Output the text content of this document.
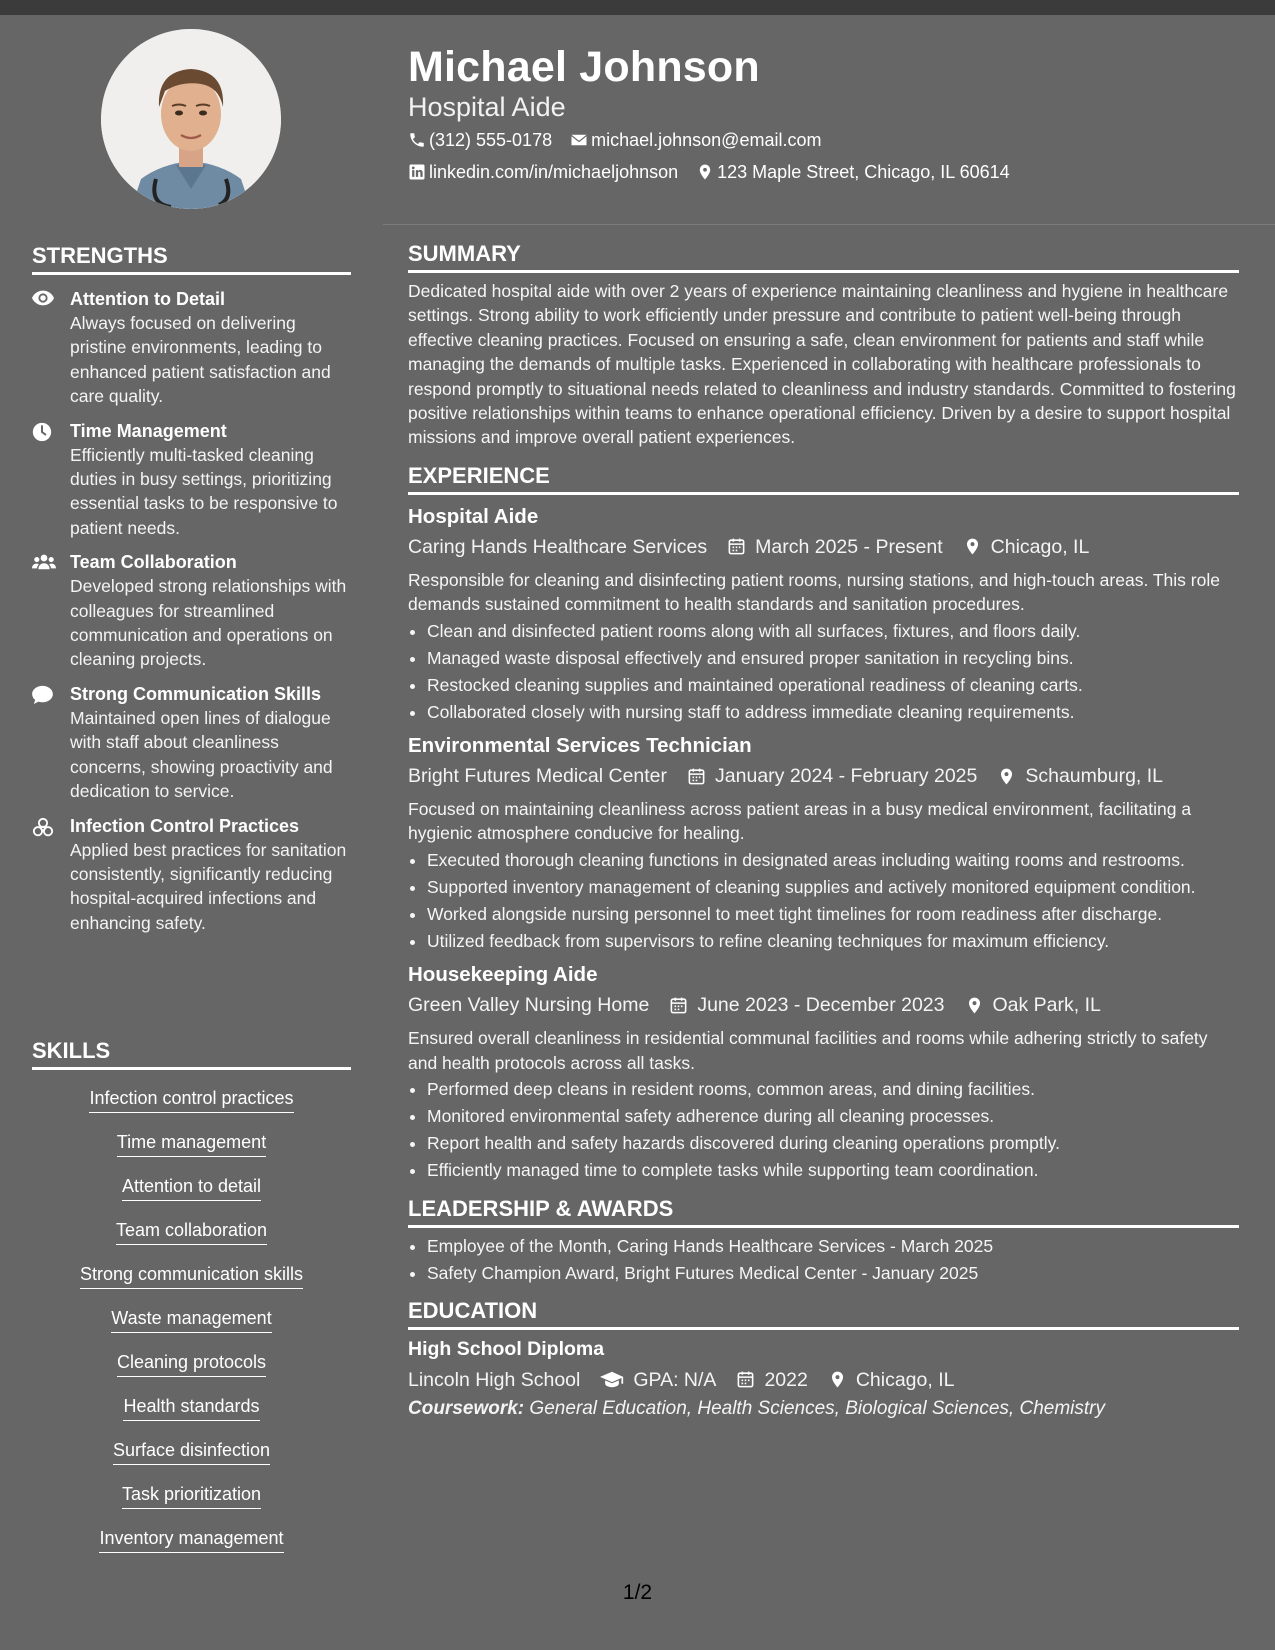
Michael Johnson
Hospital Aide
(312) 555-0178 michael.johnson@email.com
linkedin.com/in/michaeljohnson 123 Maple Street, Chicago, IL 60614
STRENGTHS
Attention to Detail
Always focused on delivering pristine environments, leading to enhanced patient satisfaction and care quality.
Time Management
Efficiently multi-tasked cleaning duties in busy settings, prioritizing essential tasks to be responsive to patient needs.
Team Collaboration
Developed strong relationships with colleagues for streamlined communication and operations on cleaning projects.
Strong Communication Skills
Maintained open lines of dialogue with staff about cleanliness concerns, showing proactivity and dedication to service.
Infection Control Practices
Applied best practices for sanitation consistently, significantly reducing hospital-acquired infections and enhancing safety.
SKILLS
Infection control practices
Time management
Attention to detail
Team collaboration
Strong communication skills
Waste management
Cleaning protocols
Health standards
Surface disinfection
Task prioritization
Inventory management
SUMMARY

Dedicated hospital aide with over 2 years of experience maintaining cleanliness and hygiene in healthcare settings. Strong ability to work efficiently under pressure and contribute to patient well-being through effective cleaning practices. Focused on ensuring a safe, clean environment for patients and staff while managing the demands of multiple tasks. Experienced in collaborating with healthcare professionals to respond promptly to situational needs related to cleanliness and industry standards. Committed to fostering positive relationships within teams to enhance operational efficiency. Driven by a desire to support hospital missions and improve overall patient experiences.

EXPERIENCE
Hospital Aide
Caring Hands Healthcare Services March 2025 - Present Chicago, IL

Responsible for cleaning and disinfecting patient rooms, nursing stations, and high-touch areas. This role demands sustained commitment to health standards and sanitation procedures.

• Clean and disinfected patient rooms along with all surfaces, fixtures, and floors daily.
• Managed waste disposal effectively and ensured proper sanitation in recycling bins.
• Restocked cleaning supplies and maintained operational readiness of cleaning carts.
• Collaborated closely with nursing staff to address immediate cleaning requirements.
Environmental Services Technician
Bright Futures Medical Center January 2024 - February 2025 Schaumburg, IL

Focused on maintaining cleanliness across patient areas in a busy medical environment, facilitating a hygienic atmosphere conducive for healing.

• Executed thorough cleaning functions in designated areas including waiting rooms and restrooms.
• Supported inventory management of cleaning supplies and actively monitored equipment condition.
• Worked alongside nursing personnel to meet tight timelines for room readiness after discharge.
• Utilized feedback from supervisors to refine cleaning techniques for maximum efficiency.
Housekeeping Aide
Green Valley Nursing Home June 2023 - December 2023 Oak Park, IL

Ensured overall cleanliness in residential communal facilities and rooms while adhering strictly to safety and health protocols across all tasks.

• Performed deep cleans in resident rooms, common areas, and dining facilities.
• Monitored environmental safety adherence during all cleaning processes.
• Report health and safety hazards discovered during cleaning operations promptly.
• Efficiently managed time to complete tasks while supporting team coordination.
LEADERSHIP & AWARDS
• Employee of the Month, Caring Hands Healthcare Services - March 2025
• Safety Champion Award, Bright Futures Medical Center - January 2025
EDUCATION
High School Diploma
Lincoln High School	GPA: N/A 2022 Chicago, IL
Coursework: General Education, Health Sciences, Biological Sciences, Chemistry
1/2
